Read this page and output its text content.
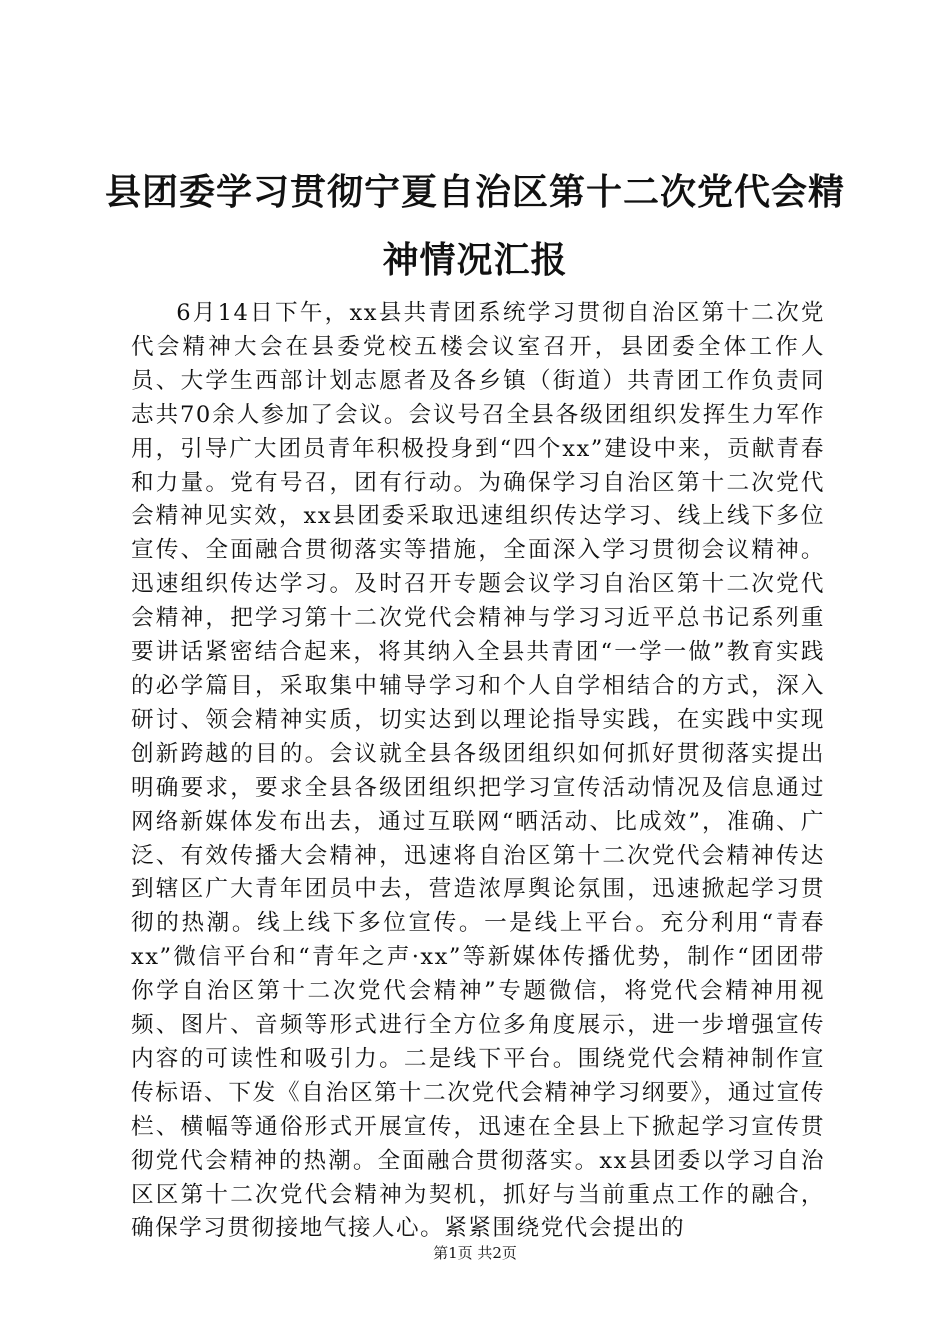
县团委学习贯彻宁夏自治区第十二次党代会精
神情况汇报

6月14日下午，xx县共青团系统学习贯彻自治区第十二次党代会精神大会在县委党校五楼会议室召开，县团委全体工作人员、大学生西部计划志愿者及各乡镇（街道）共青团工作负责同志共70余人参加了会议。会议号召全县各级团组织发挥生力军作用，引导广大团员青年积极投身到“四个xx”建设中来，贡献青春和力量。党有号召，团有行动。为确保学习自治区第十二次党代会精神见实效，xx县团委采取迅速组织传达学习、线上线下多位宣传、全面融合贯彻落实等措施，全面深入学习贯彻会议精神。迅速组织传达学习。及时召开专题会议学习自治区第十二次党代会精神，把学习第十二次党代会精神与学习习近平总书记系列重要讲话紧密结合起来，将其纳入全县共青团“一学一做”教育实践的必学篇目，采取集中辅导学习和个人自学相结合的方式，深入研讨、领会精神实质，切实达到以理论指导实践，在实践中实现创新跨越的目的。会议就全县各级团组织如何抓好贯彻落实提出明确要求，要求全县各级团组织把学习宣传活动情况及信息通过网络新媒体发布出去，通过互联网“晒活动、比成效”，准确、广泛、有效传播大会精神，迅速将自治区第十二次党代会精神传达到辖区广大青年团员中去，营造浓厚舆论氛围，迅速掀起学习贯彻的热潮。线上线下多位宣传。一是线上平台。充分利用“青春xx”微信平台和“青年之声·xx”等新媒体传播优势，制作“团团带你学自治区第十二次党代会精神”专题微信，将党代会精神用视频、图片、音频等形式进行全方位多角度展示，进一步增强宣传内容的可读性和吸引力。二是线下平台。围绕党代会精神制作宣传标语、下发《自治区第十二次党代会精神学习纲要》，通过宣传栏、横幅等通俗形式开展宣传，迅速在全县上下掀起学习宣传贯彻党代会精神的热潮。全面融合贯彻落实。xx县团委以学习自治区区第十二次党代会精神为契机，抓好与当前重点工作的融合，确保学习贯彻接地气接人心。紧紧围绕党代会提出的

第1页 共2页
